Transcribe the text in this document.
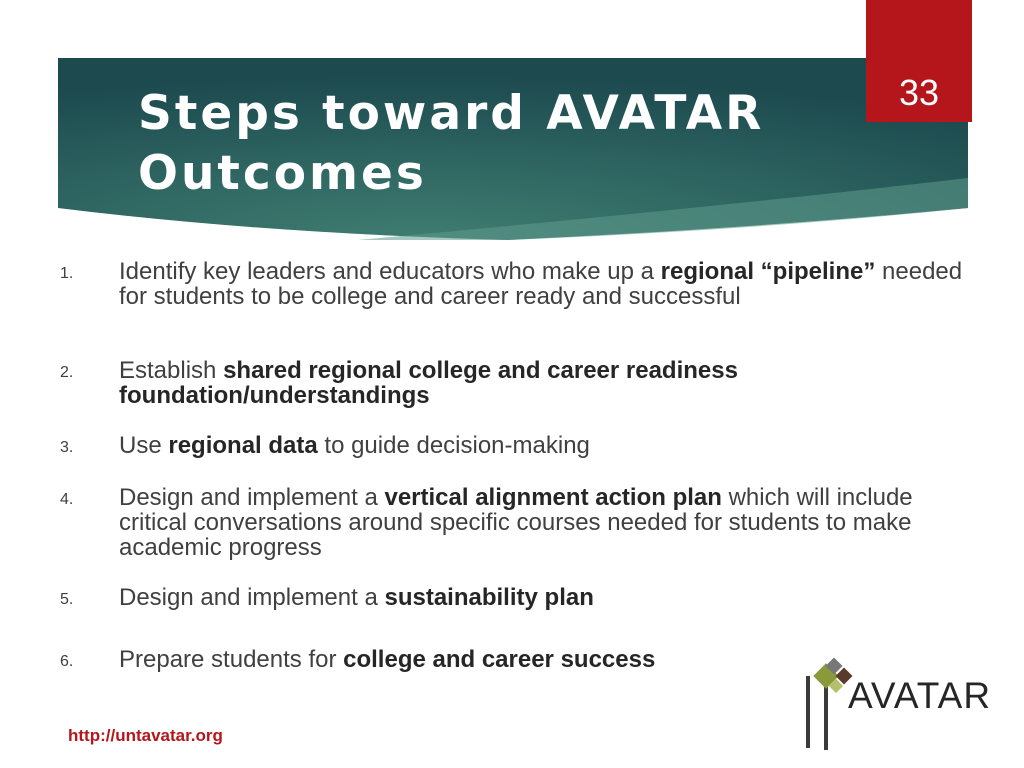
Steps toward AVATAR Outcomes
33
1.	Identify key leaders and educators who make up a regional “pipeline” needed for students to be college and career ready and successful
2.	Establish shared regional college and career readiness foundation/understandings
3.	Use regional data to guide decision-making
4.	Design and implement a vertical alignment action plan which will include critical conversations around specific courses needed for students to make academic progress
5.	Design and implement a sustainability plan
6.	Prepare students for college and career success
http://untavatar.org
AVATAR
